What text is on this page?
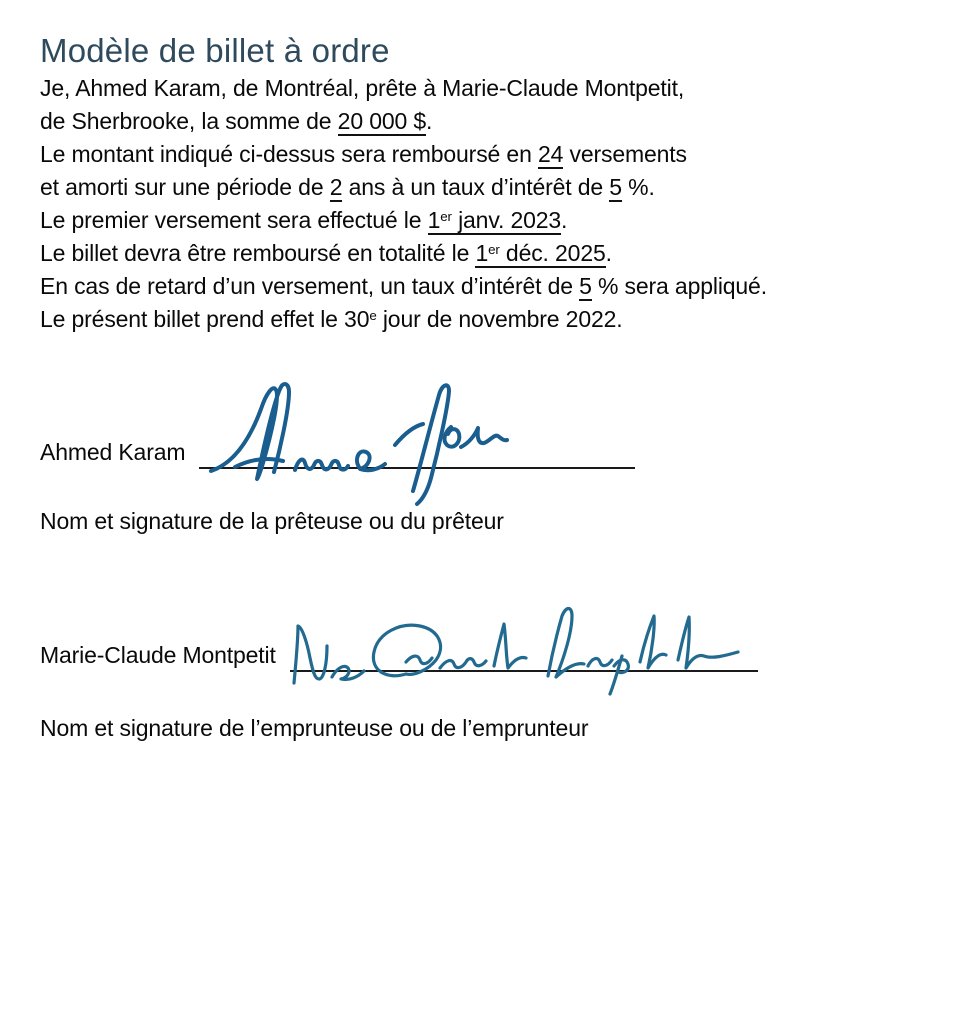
Modèle de billet à ordre

Je, Ahmed Karam, de Montréal, prête à Marie-Claude Montpetit,
de Sherbrooke, la somme de 20 000 $.

Le montant indiqué ci-dessus sera remboursé en 24 versements
et amorti sur une période de 2 ans à un taux d’intérêt de 5 %.

Le premier versement sera effectué le 1er janv. 2023.

Le billet devra être remboursé en totalité le 1er déc. 2025.

En cas de retard d’un versement, un taux d’intérêt de 5 % sera appliqué.

Le présent billet prend effet le 30e jour de novembre 2022.

Ahmed Karam

Nom et signature de la prêteuse ou du prêteur

Marie-Claude Montpetit

Nom et signature de l’emprunteuse ou de l’emprunteur
